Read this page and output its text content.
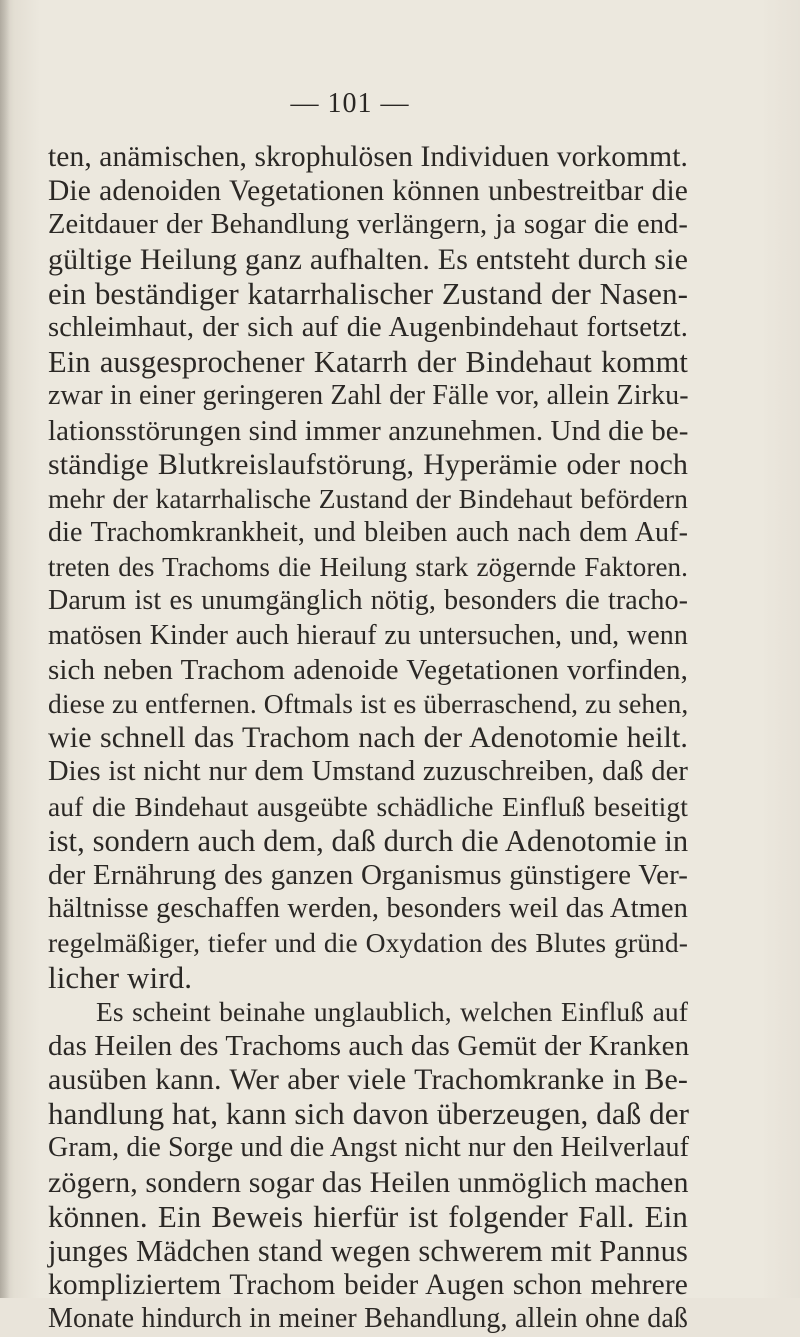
— 101 —
ten, anämischen, skrophulösen Individuen vorkommt.
Die adenoiden Vegetationen können unbestreitbar die
Zeitdauer der Behandlung verlängern, ja sogar die end-
gültige Heilung ganz aufhalten. Es entsteht durch sie
ein beständiger katarrhalischer Zustand der Nasen-
schleimhaut, der sich auf die Augenbindehaut fortsetzt.
Ein ausgesprochener Katarrh der Bindehaut kommt
zwar in einer geringeren Zahl der Fälle vor, allein Zirku-
lationsstörungen sind immer anzunehmen. Und die be-
ständige Blutkreislaufstörung, Hyperämie oder noch
mehr der katarrhalische Zustand der Bindehaut befördern
die Trachomkrankheit, und bleiben auch nach dem Auf-
treten des Trachoms die Heilung stark zögernde Faktoren.
Darum ist es unumgänglich nötig, besonders die tracho-
matösen Kinder auch hierauf zu untersuchen, und, wenn
sich neben Trachom adenoide Vegetationen vorfinden,
diese zu entfernen. Oftmals ist es überraschend, zu sehen,
wie schnell das Trachom nach der Adenotomie heilt.
Dies ist nicht nur dem Umstand zuzuschreiben, daß der
auf die Bindehaut ausgeübte schädliche Einfluß beseitigt
ist, sondern auch dem, daß durch die Adenotomie in
der Ernährung des ganzen Organismus günstigere Ver-
hältnisse geschaffen werden, besonders weil das Atmen
regelmäßiger, tiefer und die Oxydation des Blutes gründ-
licher wird.
Es scheint beinahe unglaublich, welchen Einfluß auf
das Heilen des Trachoms auch das Gemüt der Kranken
ausüben kann. Wer aber viele Trachomkranke in Be-
handlung hat, kann sich davon überzeugen, daß der
Gram, die Sorge und die Angst nicht nur den Heilverlauf
zögern, sondern sogar das Heilen unmöglich machen
können. Ein Beweis hierfür ist folgender Fall. Ein
junges Mädchen stand wegen schwerem mit Pannus
kompliziertem Trachom beider Augen schon mehrere
Monate hindurch in meiner Behandlung, allein ohne daß
